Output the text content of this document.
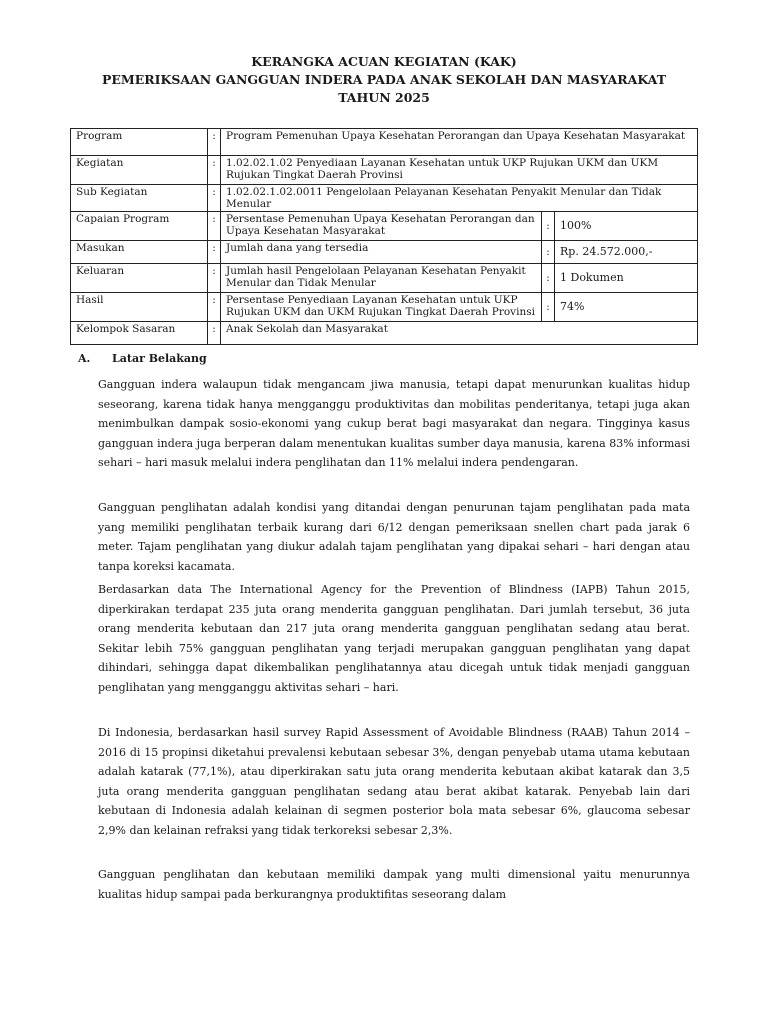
KERANGKA ACUAN KEGIATAN (KAK)
PEMERIKSAAN GANGGUAN INDERA PADA ANAK SEKOLAH DAN MASYARAKAT
TAHUN 2025
Program	:	Program Pemenuhan Upaya Kesehatan Perorangan dan Upaya Kesehatan Masyarakat		
Kegiatan	:	1.02.02.1.02 Penyediaan Layanan Kesehatan untuk UKP Rujukan UKM dan UKM Rujukan Tingkat Daerah Provinsi		
Sub Kegiatan	:	1.02.02.1.02.0011 Pengelolaan Pelayanan Kesehatan Penyakit Menular dan Tidak Menular		
Capaian Program	:	Persentase Pemenuhan Upaya Kesehatan Perorangan dan Upaya Kesehatan Masyarakat	:	100%
Masukan	:	Jumlah dana yang tersedia	:	Rp. 24.572.000,-
Keluaran	:	Jumlah hasil Pengelolaan Pelayanan Kesehatan Penyakit Menular dan Tidak Menular	:	1 Dokumen
Hasil	:	Persentase Penyediaan Layanan Kesehatan untuk UKP Rujukan UKM dan UKM Rujukan Tingkat Daerah Provinsi	:	74%
Kelompok Sasaran	:	Anak Sekolah dan Masyarakat		
A. Latar Belakang
Gangguan indera walaupun tidak mengancam jiwa manusia, tetapi dapat menurunkan kualitas hidup seseorang, karena tidak hanya mengganggu produktivitas dan mobilitas penderitanya, tetapi juga akan menimbulkan dampak sosio-ekonomi yang cukup berat bagi masyarakat dan negara. Tingginya kasus gangguan indera juga berperan dalam menentukan kualitas sumber daya manusia, karena 83% informasi sehari – hari masuk melalui indera penglihatan dan 11% melalui indera pendengaran.
Gangguan penglihatan adalah kondisi yang ditandai dengan penurunan tajam penglihatan pada mata yang memiliki penglihatan terbaik kurang dari 6/12 dengan pemeriksaan snellen chart pada jarak 6 meter. Tajam penglihatan yang diukur adalah tajam penglihatan yang dipakai sehari – hari dengan atau tanpa koreksi kacamata.
Berdasarkan data The International Agency for the Prevention of Blindness (IAPB) Tahun 2015, diperkirakan terdapat 235 juta orang menderita gangguan penglihatan. Dari jumlah tersebut, 36 juta orang menderita kebutaan dan 217 juta orang menderita gangguan penglihatan sedang atau berat. Sekitar lebih 75% gangguan penglihatan yang terjadi merupakan gangguan penglihatan yang dapat dihindari, sehingga dapat dikembalikan penglihatannya atau dicegah untuk tidak menjadi gangguan penglihatan yang mengganggu aktivitas sehari – hari.
Di Indonesia, berdasarkan hasil survey Rapid Assessment of Avoidable Blindness (RAAB) Tahun 2014 – 2016 di 15 propinsi diketahui prevalensi kebutaan sebesar 3%, dengan penyebab utama utama kebutaan adalah katarak (77,1%), atau diperkirakan satu juta orang menderita kebutaan akibat katarak dan 3,5 juta orang menderita gangguan penglihatan sedang atau berat akibat katarak. Penyebab lain dari kebutaan di Indonesia adalah kelainan di segmen posterior bola mata sebesar 6%, glaucoma sebesar 2,9% dan kelainan refraksi yang tidak terkoreksi sebesar 2,3%.
Gangguan penglihatan dan kebutaan memiliki dampak yang multi dimensional yaitu menurunnya kualitas hidup sampai pada berkurangnya produktifitas seseorang dalam
